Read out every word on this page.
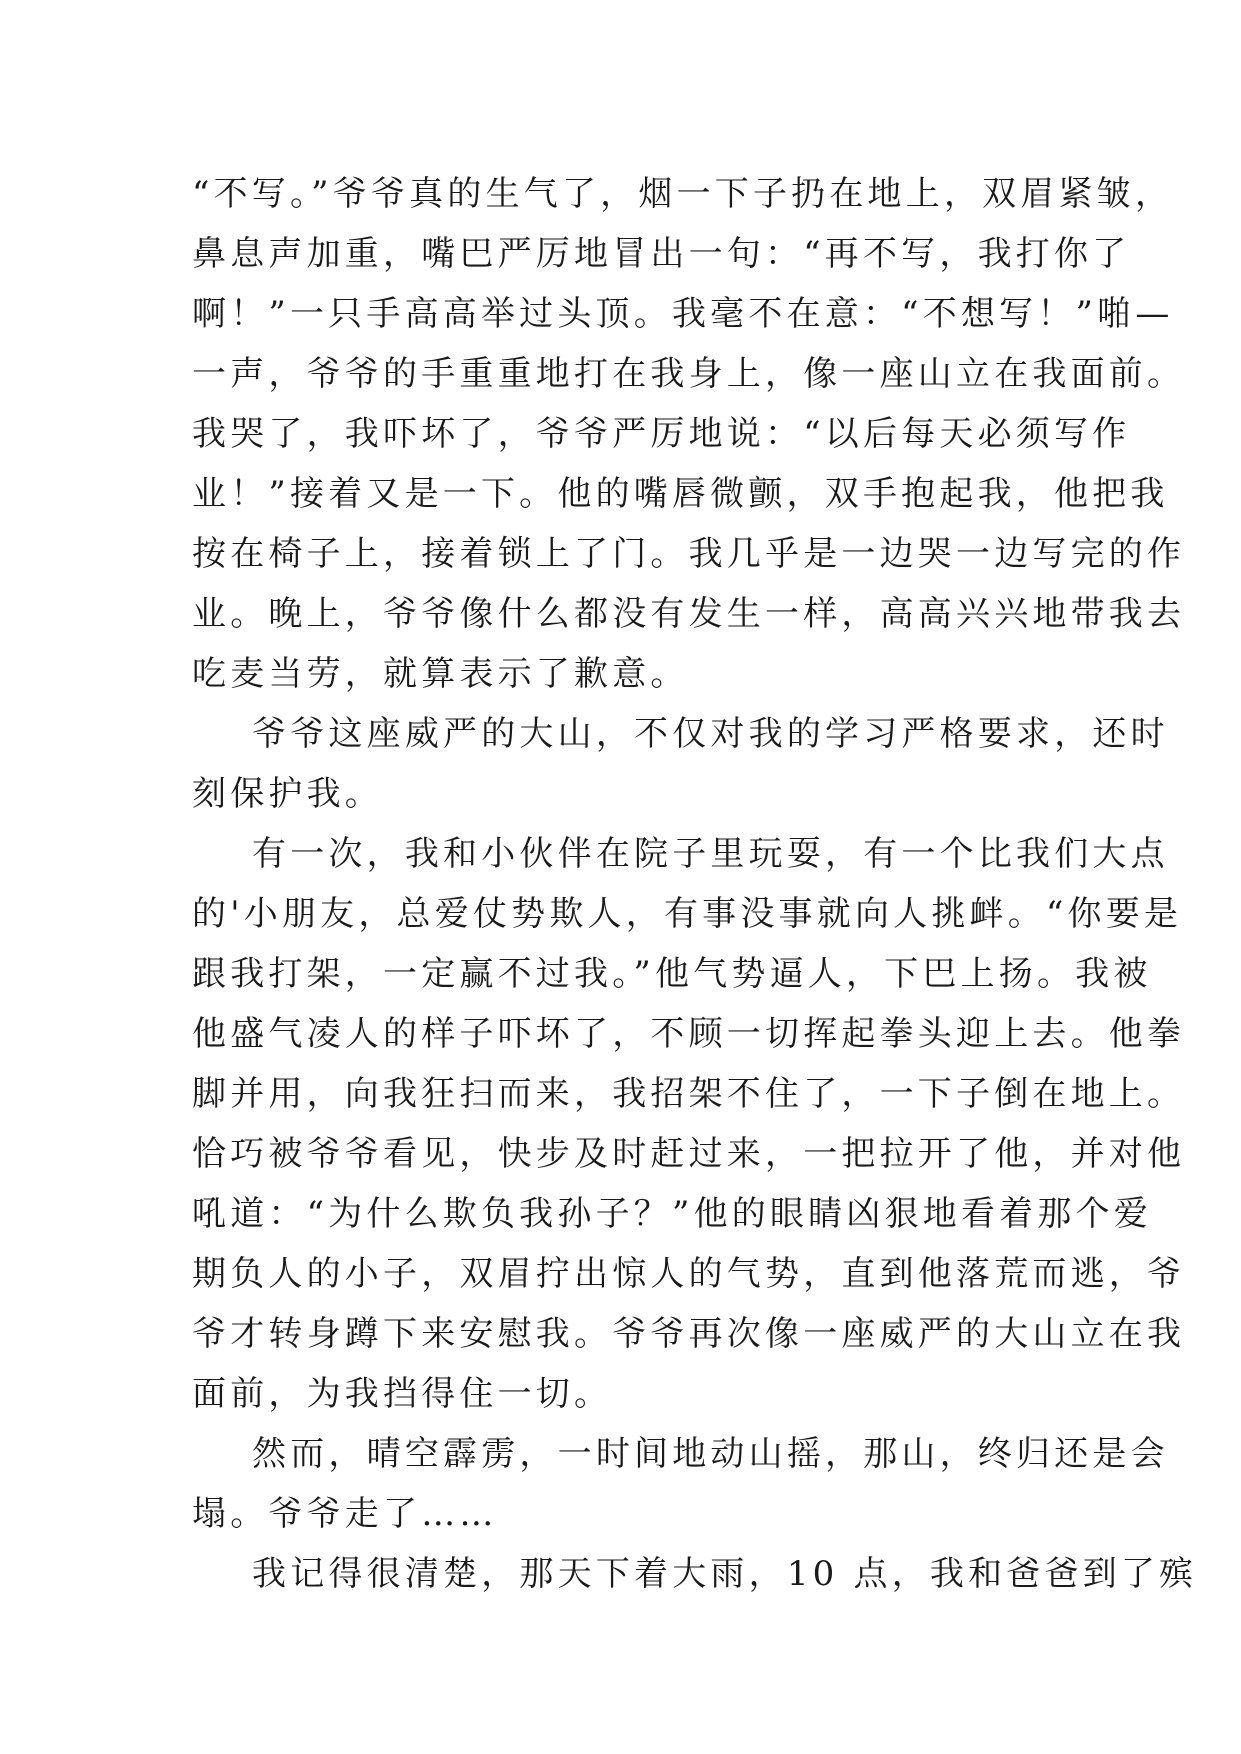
“不写。”爷爷真的生气了，烟一下子扔在地上，双眉紧皱，
鼻息声加重，嘴巴严厉地冒出一句：“再不写，我打你了
啊！”一只手高高举过头顶。我毫不在意：“不想写！”啪—
一声，爷爷的手重重地打在我身上，像一座山立在我面前。
我哭了，我吓坏了，爷爷严厉地说：“以后每天必须写作
业！”接着又是一下。他的嘴唇微颤，双手抱起我，他把我
按在椅子上，接着锁上了门。我几乎是一边哭一边写完的作
业。晚上，爷爷像什么都没有发生一样，高高兴兴地带我去
吃麦当劳，就算表示了歉意。
爷爷这座威严的大山，不仅对我的学习严格要求，还时
刻保护我。
有一次，我和小伙伴在院子里玩耍，有一个比我们大点
的'小朋友，总爱仗势欺人，有事没事就向人挑衅。“你要是
跟我打架，一定赢不过我。”他气势逼人，下巴上扬。我被
他盛气凌人的样子吓坏了，不顾一切挥起拳头迎上去。他拳
脚并用，向我狂扫而来，我招架不住了，一下子倒在地上。
恰巧被爷爷看见，快步及时赶过来，一把拉开了他，并对他
吼道：“为什么欺负我孙子？”他的眼睛凶狠地看着那个爱
期负人的小子，双眉拧出惊人的气势，直到他落荒而逃，爷
爷才转身蹲下来安慰我。爷爷再次像一座威严的大山立在我
面前，为我挡得住一切。
然而，晴空霹雳，一时间地动山摇，那山，终归还是会
塌。爷爷走了……
我记得很清楚，那天下着大雨，10 点，我和爸爸到了殡
